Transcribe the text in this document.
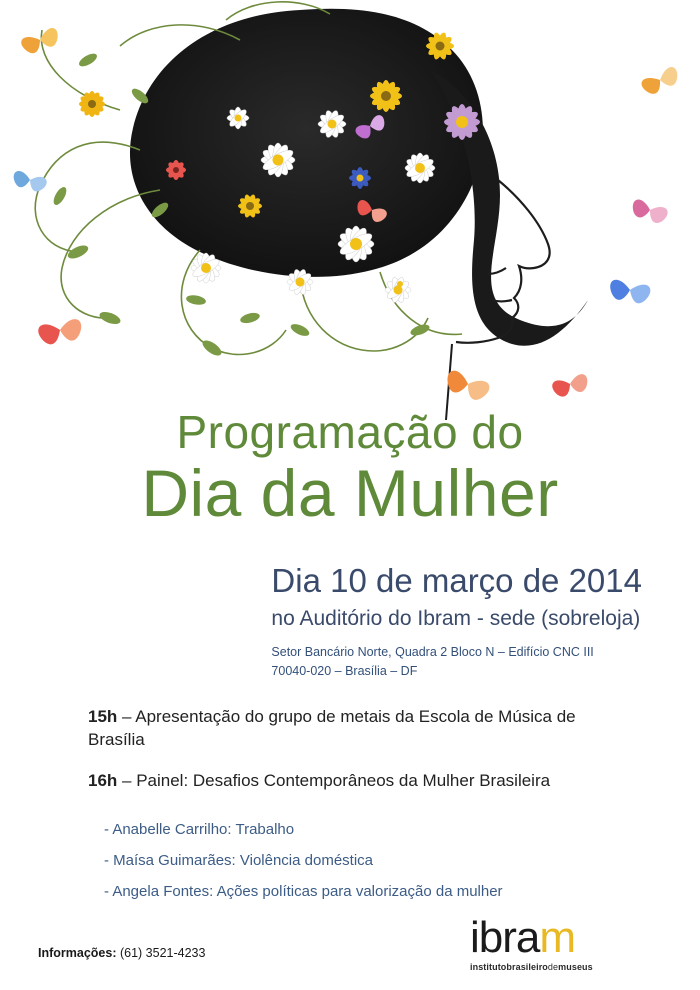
Programação do
Dia da Mulher
Dia 10 de março de 2014
no Auditório do Ibram - sede (sobreloja)
Setor Bancário Norte, Quadra 2 Bloco N – Edifício CNC III
70040-020 – Brasília – DF
15h – Apresentação do grupo de metais da Escola de Música de Brasília
16h – Painel: Desafios Contemporâneos da Mulher Brasileira
- Anabelle Carrilho: Trabalho
- Maísa Guimarães: Violência doméstica
- Angela Fontes: Ações políticas para valorização da mulher
Informações: (61) 3521-4233	ibram
institutobrasileirodemuseus
